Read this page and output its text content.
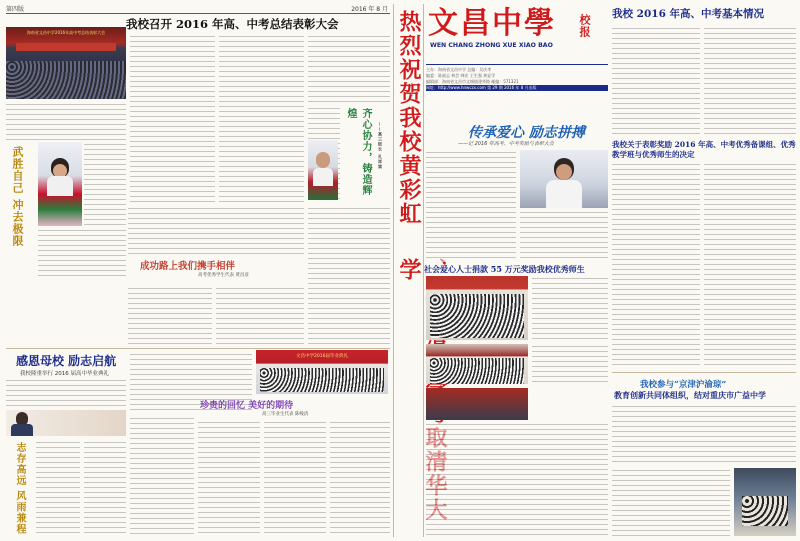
第四版	2016 年 8 月
我校召开 2016 年高、中考总结表彰大会
海南省文昌中学2016年高中考总结表彰大会
齐心协力，铸造辉煌
——高三级长 孔祥斌
武胜自己 冲去极限
成功路上我们携手相伴
高考优秀学生代表 黄昌彦
感恩母校 励志启航
我校隆重举行 2016 届高中毕业典礼
志存高远 风雨兼程
文昌中学2016届毕业典礼
珍贵的回忆 美好的期待
高三毕业生代表 陈峻清
热烈祝贺我校黄彩虹
、 清 学
文昌中學 校报
WEN CHANG ZHONG XUE XIAO BAO
主办：海南省文昌中学 总编：吴庆孝
编委：陈福志 林芸 韩宏 王生强 黄显学
编辑部：海南省文昌市文城镇建华路 邮编：571321
网址：http://www.hnwczx.com 第 29 期 2016 年 8 月出版
我校 2016 年高、中考基本情况
传承爱心 励志拼搏
——记 2016 年高考、中考奖励与表彰大会	我校关于表彰奖励 2016 年高、中考优秀备课组、优秀教学班与优秀师生的决定
社会爱心人士捐款 55 万元奖励我校优秀师生
我校参与“京津沪渝琼”
教育创新共同体组织，结对重庆市广益中学
